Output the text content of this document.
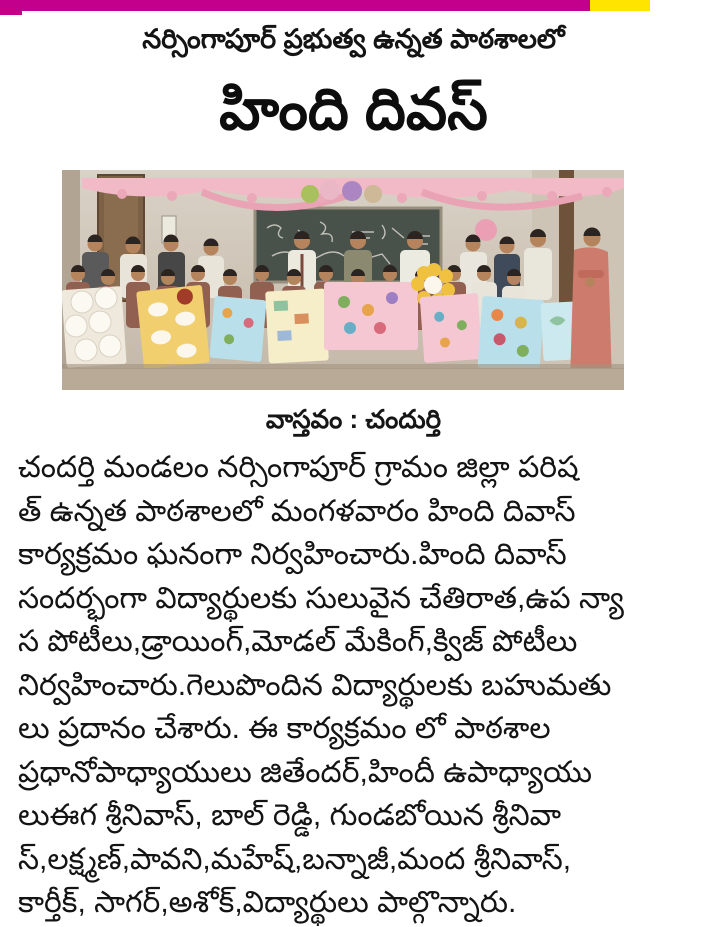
నర్సింగాపూర్ ప్రభుత్వ ఉన్నత పాఠశాలలో
హింది దివస్
వాస్తవం : చందుర్తి
చందర్తి మండలం నర్సింగాపూర్ గ్రామం జిల్లా పరిష
త్ ఉన్నత పాఠశాలలో మంగళవారం హింది దివాస్
కార్యక్రమం ఘనంగా నిర్వహించారు.హింది దివాస్
సందర్భంగా విద్యార్థులకు సులువైన చేతిరాత,ఉప న్యా
స పోటీలు,డ్రాయింగ్,మోడల్ మేకింగ్,క్విజ్ పోటీలు
నిర్వహించారు.గెలుపొందిన విద్యార్థులకు బహుమతు
లు ప్రదానం చేశారు. ఈ కార్యక్రమం లో పాఠశాల
ప్రధానోపాధ్యాయులు జితేందర్,హిందీ ఉపాధ్యాయు
లుఈగ శ్రీనివాస్, బాల్ రెడ్డి, గుండబోయిన శ్రీనివా
స్,లక్ష్మణ్,పావని,మహేష్,బన్నాజీ,మంద శ్రీనివాస్,
కార్తీక్, సాగర్,అశోక్,విద్యార్థులు పాల్గొన్నారు.
